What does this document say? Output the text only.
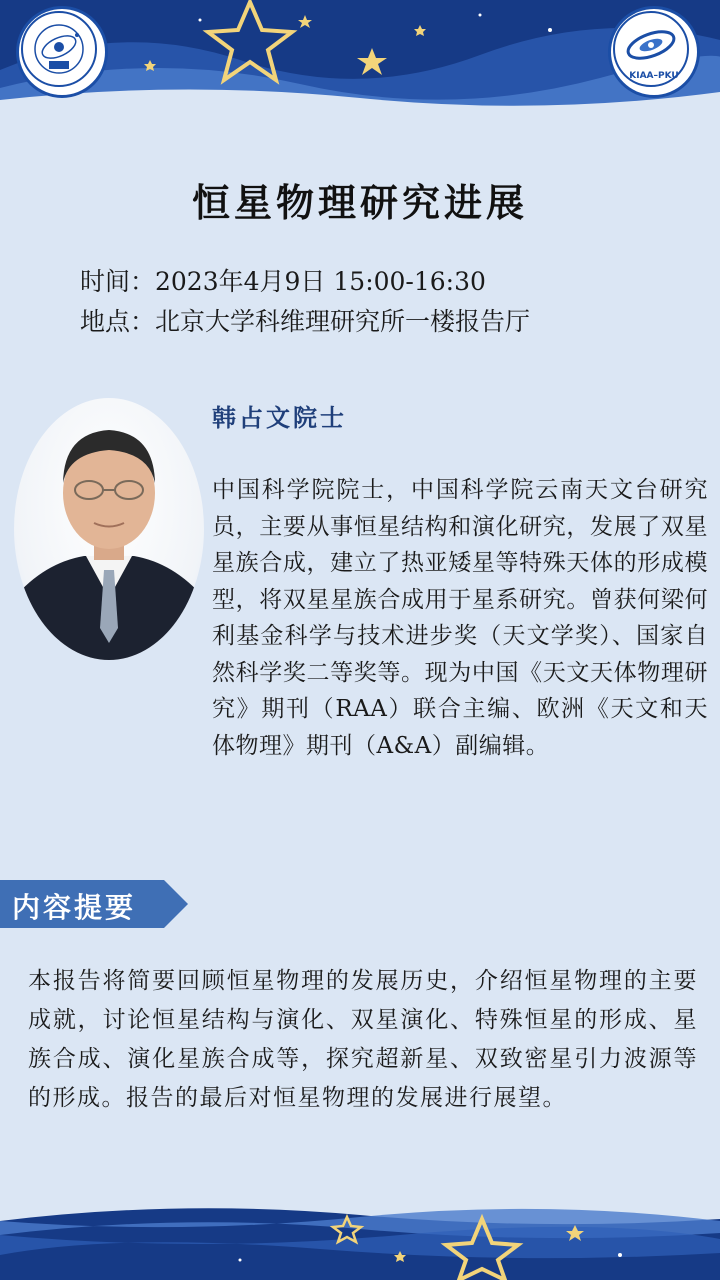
KIAA–PKU
恒星物理研究进展
时间：2023年4月9日 15:00-16:30
地点：北京大学科维理研究所一楼报告厅
韩占文院士
中国科学院院士，中国科学院云南天文台研究员，主要从事恒星结构和演化研究，发展了双星星族合成，建立了热亚矮星等特殊天体的形成模型，将双星星族合成用于星系研究。曾获何梁何利基金科学与技术进步奖（天文学奖）、国家自然科学奖二等奖等。现为中国《天文天体物理研究》期刊（RAA）联合主编、欧洲《天文和天体物理》期刊（A&A）副编辑。
内容提要
本报告将简要回顾恒星物理的发展历史，介绍恒星物理的主要成就，讨论恒星结构与演化、双星演化、特殊恒星的形成、星族合成、演化星族合成等，探究超新星、双致密星引力波源等的形成。报告的最后对恒星物理的发展进行展望。
